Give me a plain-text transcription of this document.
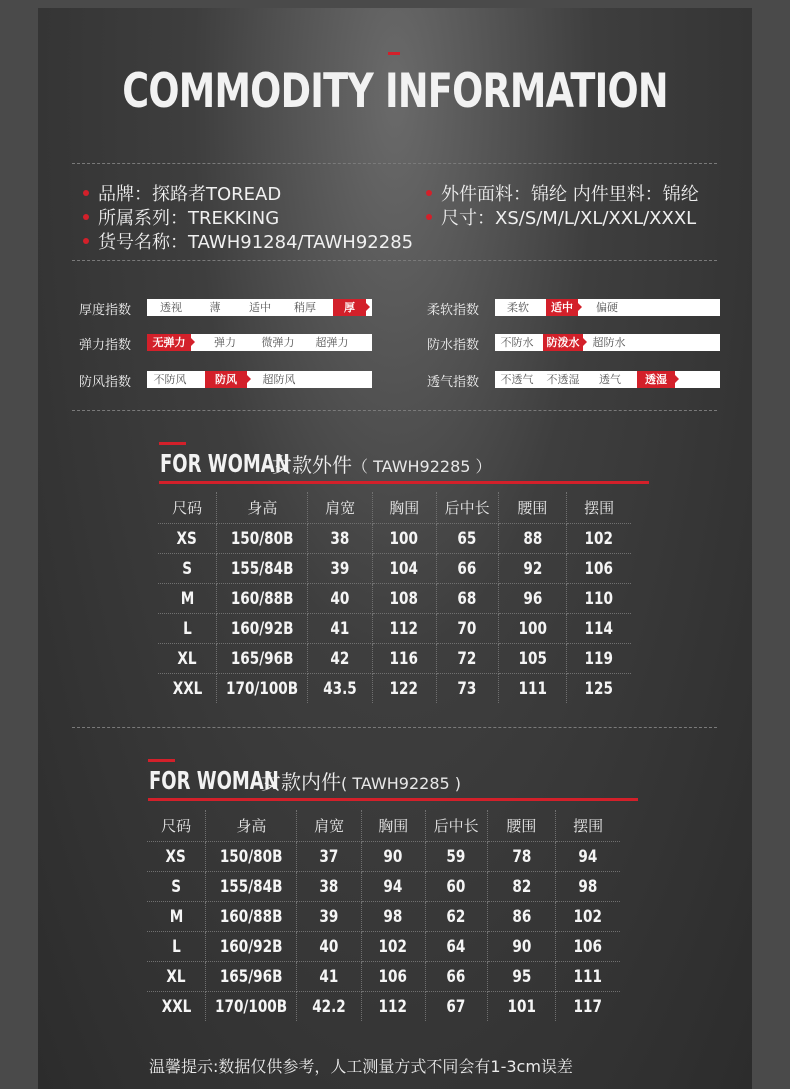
COMMODITY INFORMATION
品牌：探路者TOREAD
所属系列：TREKKING
货号名称：TAWH91284/TAWH92285
外件面料：锦纶 内件里料：锦纶
尺寸：XS/S/M/L/XL/XXL/XXXL
厚度指数	透视	薄	适中 稍厚	厚	柔软指数	柔软	适中	偏硬
弹力指数	无弹力	弹力 微弹力 超弹力	防水指数 不防水	防泼水	超防水
防风指数 不防风	防风	超防风	透气指数 不透气 不透湿 透气	透湿
FOR WOMAN女款外件（ TAWH92285 ）
尺码	身高	肩宽	胸围	后中长	腰围	摆围
XS	150/80B	38	100	65	88	102
S	155/84B	39	104	66	92	106
M	160/88B	40	108	68	96	110
L	160/92B	41	112	70	100	114
XL	165/96B	42	116	72	105	119
XXL	170/100B	43.5	122	73	111	125
FOR WOMAN女款内件( TAWH92285 )
尺码	身高	肩宽	胸围	后中长	腰围	摆围
XS	150/80B	37	90	59	78	94
S	155/84B	38	94	60	82	98
M	160/88B	39	98	62	86	102
L	160/92B	40	102	64	90	106
XL	165/96B	41	106	66	95	111
XXL	170/100B	42.2	112	67	101	117
温馨提示:数据仅供参考，人工测量方式不同会有1-3cm误差
